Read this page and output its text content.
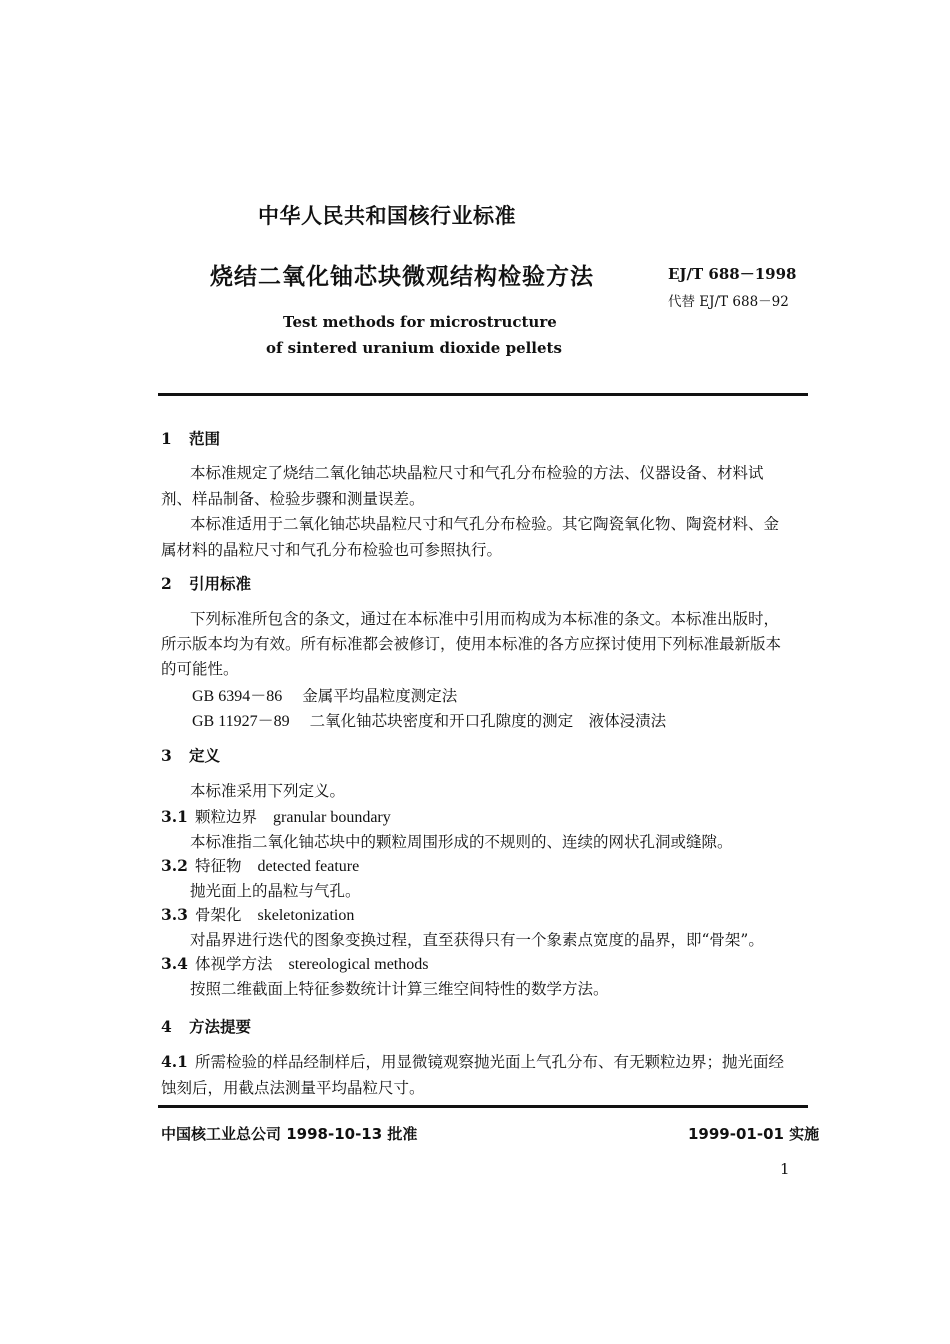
中华人民共和国核行业标准
烧结二氧化铀芯块微观结构检验方法	EJ/T 688－1998
代替 EJ/T 688－92
Test methods for microstructure
of sintered uranium dioxide pellets
1 范围
本标准规定了烧结二氧化铀芯块晶粒尺寸和气孔分布检验的方法、仪器设备、材料试
剂、样品制备、检验步骤和测量误差。
本标准适用于二氧化铀芯块晶粒尺寸和气孔分布检验。其它陶瓷氧化物、陶瓷材料、金
属材料的晶粒尺寸和气孔分布检验也可参照执行。
2 引用标准
下列标准所包含的条文，通过在本标准中引用而构成为本标准的条文。本标准出版时，
所示版本均为有效。所有标准都会被修订，使用本标准的各方应探讨使用下列标准最新版本
的可能性。
GB 6394－86 金属平均晶粒度测定法
GB 11927－89 二氧化铀芯块密度和开口孔隙度的测定　液体浸渍法
3 定义
本标准采用下列定义。
3.1 颗粒边界 granular boundary
本标准指二氧化铀芯块中的颗粒周围形成的不规则的、连续的网状孔洞或缝隙。
3.2 特征物 detected feature
抛光面上的晶粒与气孔。
3.3 骨架化 skeletonization
对晶界进行迭代的图象变换过程，直至获得只有一个象素点宽度的晶界，即“骨架”。
3.4 体视学方法 stereological methods
按照二维截面上特征参数统计计算三维空间特性的数学方法。
4 方法提要
4.1 所需检验的样品经制样后，用显微镜观察抛光面上气孔分布、有无颗粒边界；抛光面经
蚀刻后，用截点法测量平均晶粒尺寸。
中国核工业总公司 1998-10-13 批准	1999-01-01 实施
1
